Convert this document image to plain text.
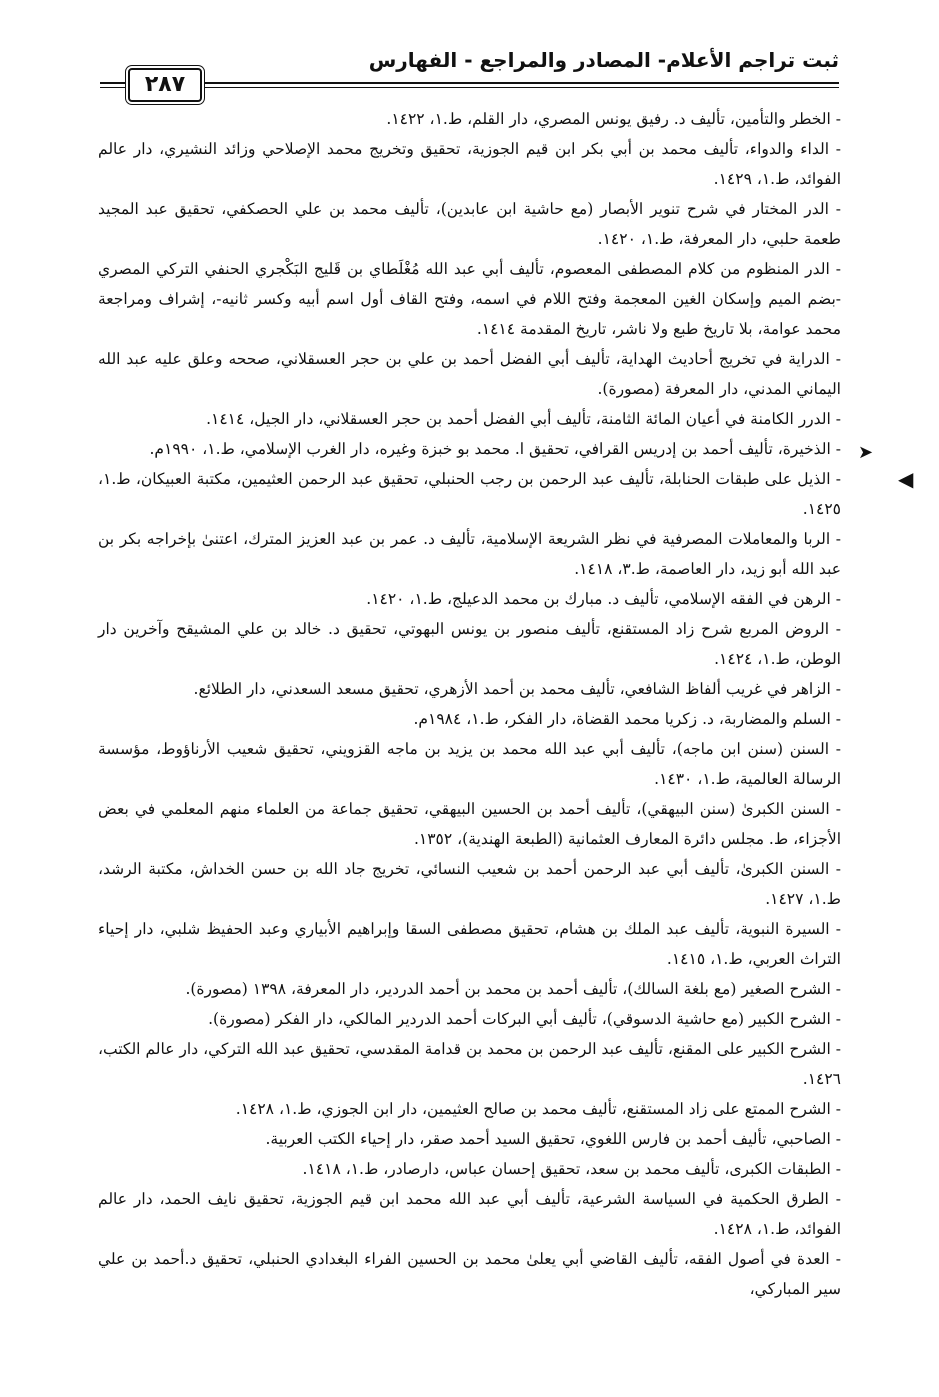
ثبت تراجم الأعلام- المصادر والمراجع - الفهارس
٢٨٧
➤
◀
- الخطر والتأمين، تأليف د. رفيق يونس المصري، دار القلم، ط.١، ١٤٢٢.
- الداء والدواء، تأليف محمد بن أبي بكر ابن قيم الجوزية، تحقيق وتخريج محمد الإصلاحي وزائد النشيري، دار عالم الفوائد، ط.١، ١٤٢٩.
- الدر المختار في شرح تنوير الأبصار (مع حاشية ابن عابدين)، تأليف محمد بن علي الحصكفي، تحقيق عبد المجيد طعمة حلبي، دار المعرفة، ط.١، ١٤٢٠.
- الدر المنظوم من كلام المصطفى المعصوم، تأليف أبي عبد الله مُغْلَطاي بن قَليج البَكْجري الحنفي التركي المصري -بضم الميم وإسكان الغين المعجمة وفتح اللام في اسمه، وفتح القاف أول اسم أبيه وكسر ثانيه-، إشراف ومراجعة محمد عوامة، بلا تاريخ طبع ولا ناشر، تاريخ المقدمة ١٤١٤.
- الدراية في تخريج أحاديث الهداية، تأليف أبي الفضل أحمد بن علي بن حجر العسقلاني، صححه وعلق عليه عبد الله اليماني المدني، دار المعرفة (مصورة).
- الدرر الكامنة في أعيان المائة الثامنة، تأليف أبي الفضل أحمد بن حجر العسقلاني، دار الجيل، ١٤١٤.
- الذخيرة، تأليف أحمد بن إدريس القرافي، تحقيق ا. محمد بو خبزة وغيره، دار الغرب الإسلامي، ط.١، ١٩٩٠م.
- الذيل على طبقات الحنابلة، تأليف عبد الرحمن بن رجب الحنبلي، تحقيق عبد الرحمن العثيمين، مكتبة العبيكان، ط.١، ١٤٢٥.
- الربا والمعاملات المصرفية في نظر الشريعة الإسلامية، تأليف د. عمر بن عبد العزيز المترك، اعتنىٰ بإخراجه بكر بن عبد الله أبو زيد، دار العاصمة، ط.٣، ١٤١٨.
- الرهن في الفقه الإسلامي، تأليف د. مبارك بن محمد الدعيلج، ط.١، ١٤٢٠.
- الروض المربع شرح زاد المستقنع، تأليف منصور بن يونس البهوتي، تحقيق د. خالد بن علي المشيقح وآخرين دار الوطن، ط.١، ١٤٢٤.
- الزاهر في غريب ألفاظ الشافعي، تأليف محمد بن أحمد الأزهري، تحقيق مسعد السعدني، دار الطلائع.
- السلم والمضاربة، د. زكريا محمد القضاة، دار الفكر، ط.١، ١٩٨٤م.
- السنن (سنن ابن ماجه)، تأليف أبي عبد الله محمد بن يزيد بن ماجه القزويني، تحقيق شعيب الأرناؤوط، مؤسسة الرسالة العالمية، ط.١، ١٤٣٠.
- السنن الكبرىٰ (سنن البيهقي)، تأليف أحمد بن الحسين البيهقي، تحقيق جماعة من العلماء منهم المعلمي في بعض الأجزاء، ط. مجلس دائرة المعارف العثمانية (الطبعة الهندية)، ١٣٥٢.
- السنن الكبرىٰ، تأليف أبي عبد الرحمن أحمد بن شعيب النسائي، تخريج جاد الله بن حسن الخداش، مكتبة الرشد، ط.١، ١٤٢٧.
- السيرة النبوية، تأليف عبد الملك بن هشام، تحقيق مصطفى السقا وإبراهيم الأبياري وعبد الحفيظ شلبي، دار إحياء التراث العربي، ط.١، ١٤١٥.
- الشرح الصغير (مع بلغة السالك)، تأليف أحمد بن محمد بن أحمد الدردير، دار المعرفة، ١٣٩٨ (مصورة).
- الشرح الكبير (مع حاشية الدسوقي)، تأليف أبي البركات أحمد الدردير المالكي، دار الفكر (مصورة).
- الشرح الكبير على المقنع، تأليف عبد الرحمن بن محمد بن قدامة المقدسي، تحقيق عبد الله التركي، دار عالم الكتب، ١٤٢٦.
- الشرح الممتع على زاد المستقنع، تأليف محمد بن صالح العثيمين، دار ابن الجوزي، ط.١، ١٤٢٨.
- الصاحبي، تأليف أحمد بن فارس اللغوي، تحقيق السيد أحمد صقر، دار إحياء الكتب العربية.
- الطبقات الكبرى، تأليف محمد بن سعد، تحقيق إحسان عباس، دارصادر، ط.١، ١٤١٨.
- الطرق الحكمية في السياسة الشرعية، تأليف أبي عبد الله محمد ابن قيم الجوزية، تحقيق نايف الحمد، دار عالم الفوائد، ط.١، ١٤٢٨.
- العدة في أصول الفقه، تأليف القاضي أبي يعلىٰ محمد بن الحسين الفراء البغدادي الحنبلي، تحقيق د.أحمد بن علي سير المباركي،
